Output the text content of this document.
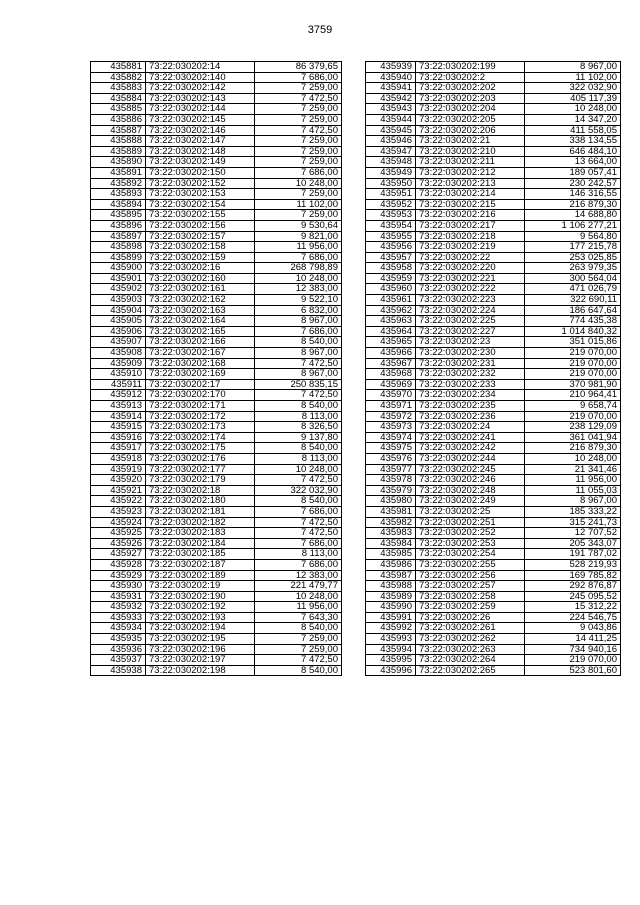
3759
435881	73:22:030202:14	86 379,65
435882	73:22:030202:140	7 686,00
435883	73:22:030202:142	7 259,00
435884	73:22:030202:143	7 472,50
435885	73:22:030202:144	7 259,00
435886	73:22:030202:145	7 259,00
435887	73:22:030202:146	7 472,50
435888	73:22:030202:147	7 259,00
435889	73:22:030202:148	7 259,00
435890	73:22:030202:149	7 259,00
435891	73:22:030202:150	7 686,00
435892	73:22:030202:152	10 248,00
435893	73:22:030202:153	7 259,00
435894	73:22:030202:154	11 102,00
435895	73:22:030202:155	7 259,00
435896	73:22:030202:156	9 530,64
435897	73:22:030202:157	9 821,00
435898	73:22:030202:158	11 956,00
435899	73:22:030202:159	7 686,00
435900	73:22:030202:16	268 798,89
435901	73:22:030202:160	10 248,00
435902	73:22:030202:161	12 383,00
435903	73:22:030202:162	9 522,10
435904	73:22:030202:163	6 832,00
435905	73:22:030202:164	8 967,00
435906	73:22:030202:165	7 686,00
435907	73:22:030202:166	8 540,00
435908	73:22:030202:167	8 967,00
435909	73:22:030202:168	7 472,50
435910	73:22:030202:169	8 967,00
435911	73:22:030202:17	250 835,15
435912	73:22:030202:170	7 472,50
435913	73:22:030202:171	8 540,00
435914	73:22:030202:172	8 113,00
435915	73:22:030202:173	8 326,50
435916	73:22:030202:174	9 137,80
435917	73:22:030202:175	8 540,00
435918	73:22:030202:176	8 113,00
435919	73:22:030202:177	10 248,00
435920	73:22:030202:179	7 472,50
435921	73:22:030202:18	322 032,90
435922	73:22:030202:180	8 540,00
435923	73:22:030202:181	7 686,00
435924	73:22:030202:182	7 472,50
435925	73:22:030202:183	7 472,50
435926	73:22:030202:184	7 686,00
435927	73:22:030202:185	8 113,00
435928	73:22:030202:187	7 686,00
435929	73:22:030202:189	12 383,00
435930	73:22:030202:19	221 479,77
435931	73:22:030202:190	10 248,00
435932	73:22:030202:192	11 956,00
435933	73:22:030202:193	7 643,30
435934	73:22:030202:194	8 540,00
435935	73:22:030202:195	7 259,00
435936	73:22:030202:196	7 259,00
435937	73:22:030202:197	7 472,50
435938	73:22:030202:198	8 540,00
435939	73:22:030202:199	8 967,00
435940	73:22:030202:2	11 102,00
435941	73:22:030202:202	322 032,90
435942	73:22:030202:203	405 117,39
435943	73:22:030202:204	10 248,00
435944	73:22:030202:205	14 347,20
435945	73:22:030202:206	411 558,05
435946	73:22:030202:21	338 134,55
435947	73:22:030202:210	646 484,10
435948	73:22:030202:211	13 664,00
435949	73:22:030202:212	189 057,41
435950	73:22:030202:213	230 242,57
435951	73:22:030202:214	146 316,55
435952	73:22:030202:215	216 879,30
435953	73:22:030202:216	14 688,80
435954	73:22:030202:217	1 106 277,21
435955	73:22:030202:218	9 564,80
435956	73:22:030202:219	177 215,78
435957	73:22:030202:22	253 025,85
435958	73:22:030202:220	263 979,35
435959	73:22:030202:221	300 564,04
435960	73:22:030202:222	471 026,79
435961	73:22:030202:223	322 690,11
435962	73:22:030202:224	186 647,64
435963	73:22:030202:225	774 435,38
435964	73:22:030202:227	1 014 840,32
435965	73:22:030202:23	351 015,86
435966	73:22:030202:230	219 070,00
435967	73:22:030202:231	219 070,00
435968	73:22:030202:232	219 070,00
435969	73:22:030202:233	370 981,90
435970	73:22:030202:234	210 964,41
435971	73:22:030202:235	9 658,74
435972	73:22:030202:236	219 070,00
435973	73:22:030202:24	238 129,09
435974	73:22:030202:241	361 041,94
435975	73:22:030202:242	216 879,30
435976	73:22:030202:244	10 248,00
435977	73:22:030202:245	21 341,46
435978	73:22:030202:246	11 956,00
435979	73:22:030202:248	11 055,03
435980	73:22:030202:249	8 967,00
435981	73:22:030202:25	185 333,22
435982	73:22:030202:251	315 241,73
435983	73:22:030202:252	12 707,52
435984	73:22:030202:253	205 343,07
435985	73:22:030202:254	191 787,02
435986	73:22:030202:255	528 219,93
435987	73:22:030202:256	169 785,82
435988	73:22:030202:257	292 876,87
435989	73:22:030202:258	245 095,52
435990	73:22:030202:259	15 312,22
435991	73:22:030202:26	224 546,75
435992	73:22:030202:261	9 043,86
435993	73:22:030202:262	14 411,25
435994	73:22:030202:263	734 940,16
435995	73:22:030202:264	219 070,00
435996	73:22:030202:265	523 801,60
